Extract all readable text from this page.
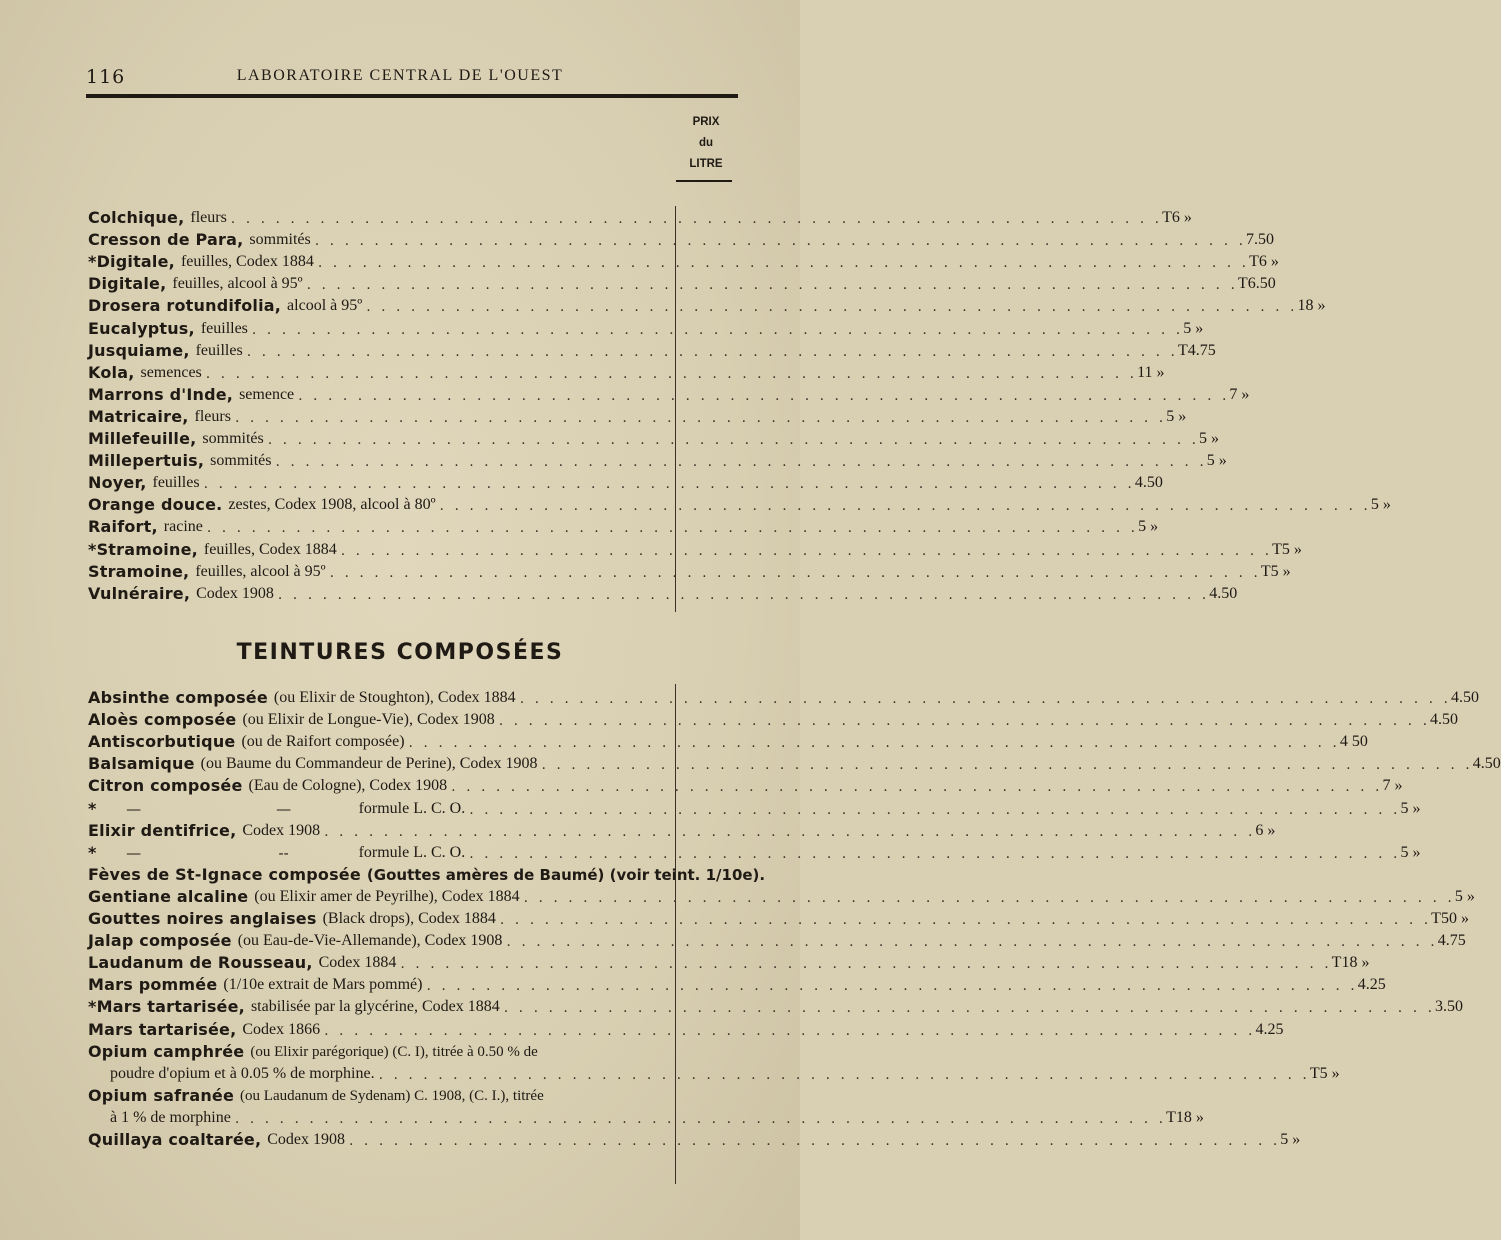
116	LABORATOIRE CENTRAL DE L'OUEST
PRIX
du
LITRE
Colchique, fleurs . . . . . . . . . . . . . . . . . . . . . . . . . . . . . . . . . . . . . . . . . . . . . . . . . . . . . . . . . . . . . . . T 6 »
Cresson de Para, sommités . . . . . . . . . . . . . . . . . . . . . . . . . . . . . . . . . . . . . . . . . . . . . . . . . . . . . . . . . . . . . . . 7.50
* Digitale, feuilles, Codex 1884 . . . . . . . . . . . . . . . . . . . . . . . . . . . . . . . . . . . . . . . . . . . . . . . . . . . . . . . . . . . . . . . T 6 »
Digitale, feuilles, alcool à 95º . . . . . . . . . . . . . . . . . . . . . . . . . . . . . . . . . . . . . . . . . . . . . . . . . . . . . . . . . . . . . . . T 6.50
Drosera rotundifolia, alcool à 95º . . . . . . . . . . . . . . . . . . . . . . . . . . . . . . . . . . . . . . . . . . . . . . . . . . . . . . . . . . . . . . . 18 »
Eucalyptus, feuilles . . . . . . . . . . . . . . . . . . . . . . . . . . . . . . . . . . . . . . . . . . . . . . . . . . . . . . . . . . . . . . . 5 »
Jusquiame, feuilles . . . . . . . . . . . . . . . . . . . . . . . . . . . . . . . . . . . . . . . . . . . . . . . . . . . . . . . . . . . . . . . T 4.75
Kola, semences . . . . . . . . . . . . . . . . . . . . . . . . . . . . . . . . . . . . . . . . . . . . . . . . . . . . . . . . . . . . . . . 11 »
Marrons d'Inde, semence . . . . . . . . . . . . . . . . . . . . . . . . . . . . . . . . . . . . . . . . . . . . . . . . . . . . . . . . . . . . . . . 7 »
Matricaire, fleurs . . . . . . . . . . . . . . . . . . . . . . . . . . . . . . . . . . . . . . . . . . . . . . . . . . . . . . . . . . . . . . . 5 »
Millefeuille, sommités . . . . . . . . . . . . . . . . . . . . . . . . . . . . . . . . . . . . . . . . . . . . . . . . . . . . . . . . . . . . . . . 5 »
Millepertuis, sommités . . . . . . . . . . . . . . . . . . . . . . . . . . . . . . . . . . . . . . . . . . . . . . . . . . . . . . . . . . . . . . . 5 »
Noyer, feuilles . . . . . . . . . . . . . . . . . . . . . . . . . . . . . . . . . . . . . . . . . . . . . . . . . . . . . . . . . . . . . . . 4.50
Orange douce. zestes, Codex 1908, alcool à 80º . . . . . . . . . . . . . . . . . . . . . . . . . . . . . . . . . . . . . . . . . . . . . . . . . . . . . . . . . . . . . . . 5 »
Raifort, racine . . . . . . . . . . . . . . . . . . . . . . . . . . . . . . . . . . . . . . . . . . . . . . . . . . . . . . . . . . . . . . . 5 »
* Stramoine, feuilles, Codex 1884 . . . . . . . . . . . . . . . . . . . . . . . . . . . . . . . . . . . . . . . . . . . . . . . . . . . . . . . . . . . . . . . T 5 »
Stramoine, feuilles, alcool à 95º . . . . . . . . . . . . . . . . . . . . . . . . . . . . . . . . . . . . . . . . . . . . . . . . . . . . . . . . . . . . . . . T 5 »
Vulnéraire, Codex 1908 . . . . . . . . . . . . . . . . . . . . . . . . . . . . . . . . . . . . . . . . . . . . . . . . . . . . . . . . . . . . . . . 4.50
TEINTURES COMPOSÉES
Absinthe composée (ou Elixir de Stoughton), Codex 1884 . . . . . . . . . . . . . . . . . . . . . . . . . . . . . . . . . . . . . . . . . . . . . . . . . . . . . . . . . . . . . . . 4.50
Aloès composée (ou Elixir de Longue-Vie), Codex 1908 . . . . . . . . . . . . . . . . . . . . . . . . . . . . . . . . . . . . . . . . . . . . . . . . . . . . . . . . . . . . . . . 4.50
Antiscorbutique (ou de Raifort composée) . . . . . . . . . . . . . . . . . . . . . . . . . . . . . . . . . . . . . . . . . . . . . . . . . . . . . . . . . . . . . . . 4 50
Balsamique (ou Baume du Commandeur de Perine), Codex 1908 . . . . . . . . . . . . . . . . . . . . . . . . . . . . . . . . . . . . . . . . . . . . . . . . . . . . . . . . . . . . . . . 4.50
Citron composée (Eau de Cologne), Codex 1908 . . . . . . . . . . . . . . . . . . . . . . . . . . . . . . . . . . . . . . . . . . . . . . . . . . . . . . . . . . . . . . . 7 »
*	—	—	formule L. C. O. . . . . . . . . . . . . . . . . . . . . . . . . . . . . . . . . . . . . . . . . . . . . . . . . . . . . . . . . . . . . . . . 5 »
Elixir dentifrice, Codex 1908 . . . . . . . . . . . . . . . . . . . . . . . . . . . . . . . . . . . . . . . . . . . . . . . . . . . . . . . . . . . . . . . 6 »
*	—	--	formule L. C. O. . . . . . . . . . . . . . . . . . . . . . . . . . . . . . . . . . . . . . . . . . . . . . . . . . . . . . . . . . . . . . . . 5 »
Fèves de St-Ignace composée (Gouttes amères de Baumé) (voir teint. 1/10e).
Gentiane alcaline (ou Elixir amer de Peyrilhe), Codex 1884 . . . . . . . . . . . . . . . . . . . . . . . . . . . . . . . . . . . . . . . . . . . . . . . . . . . . . . . . . . . . . . . 5 »
Gouttes noires anglaises (Black drops), Codex 1884 . . . . . . . . . . . . . . . . . . . . . . . . . . . . . . . . . . . . . . . . . . . . . . . . . . . . . . . . . . . . . . . T 50 »
Jalap composée (ou Eau-de-Vie-Allemande), Codex 1908 . . . . . . . . . . . . . . . . . . . . . . . . . . . . . . . . . . . . . . . . . . . . . . . . . . . . . . . . . . . . . . . 4.75
Laudanum de Rousseau, Codex 1884 . . . . . . . . . . . . . . . . . . . . . . . . . . . . . . . . . . . . . . . . . . . . . . . . . . . . . . . . . . . . . . . T 18 »
Mars pommée (1/10e extrait de Mars pommé) . . . . . . . . . . . . . . . . . . . . . . . . . . . . . . . . . . . . . . . . . . . . . . . . . . . . . . . . . . . . . . . 4.25
* Mars tartarisée, stabilisée par la glycérine, Codex 1884 . . . . . . . . . . . . . . . . . . . . . . . . . . . . . . . . . . . . . . . . . . . . . . . . . . . . . . . . . . . . . . . 3.50
Mars tartarisée, Codex 1866 . . . . . . . . . . . . . . . . . . . . . . . . . . . . . . . . . . . . . . . . . . . . . . . . . . . . . . . . . . . . . . . 4.25
Opium camphrée (ou Elixir parégorique) (C. I), titrée à 0.50 % de
poudre d'opium et à 0.05 % de morphine. . . . . . . . . . . . . . . . . . . . . . . . . . . . . . . . . . . . . . . . . . . . . . . . . . . . . . . . . . . . . . . . T 5 »
Opium safranée (ou Laudanum de Sydenam) C. 1908, (C. I.), titrée
à 1 % de morphine . . . . . . . . . . . . . . . . . . . . . . . . . . . . . . . . . . . . . . . . . . . . . . . . . . . . . . . . . . . . . . . T 18 »
Quillaya coaltarée, Codex 1908 . . . . . . . . . . . . . . . . . . . . . . . . . . . . . . . . . . . . . . . . . . . . . . . . . . . . . . . . . . . . . . . 5 »
